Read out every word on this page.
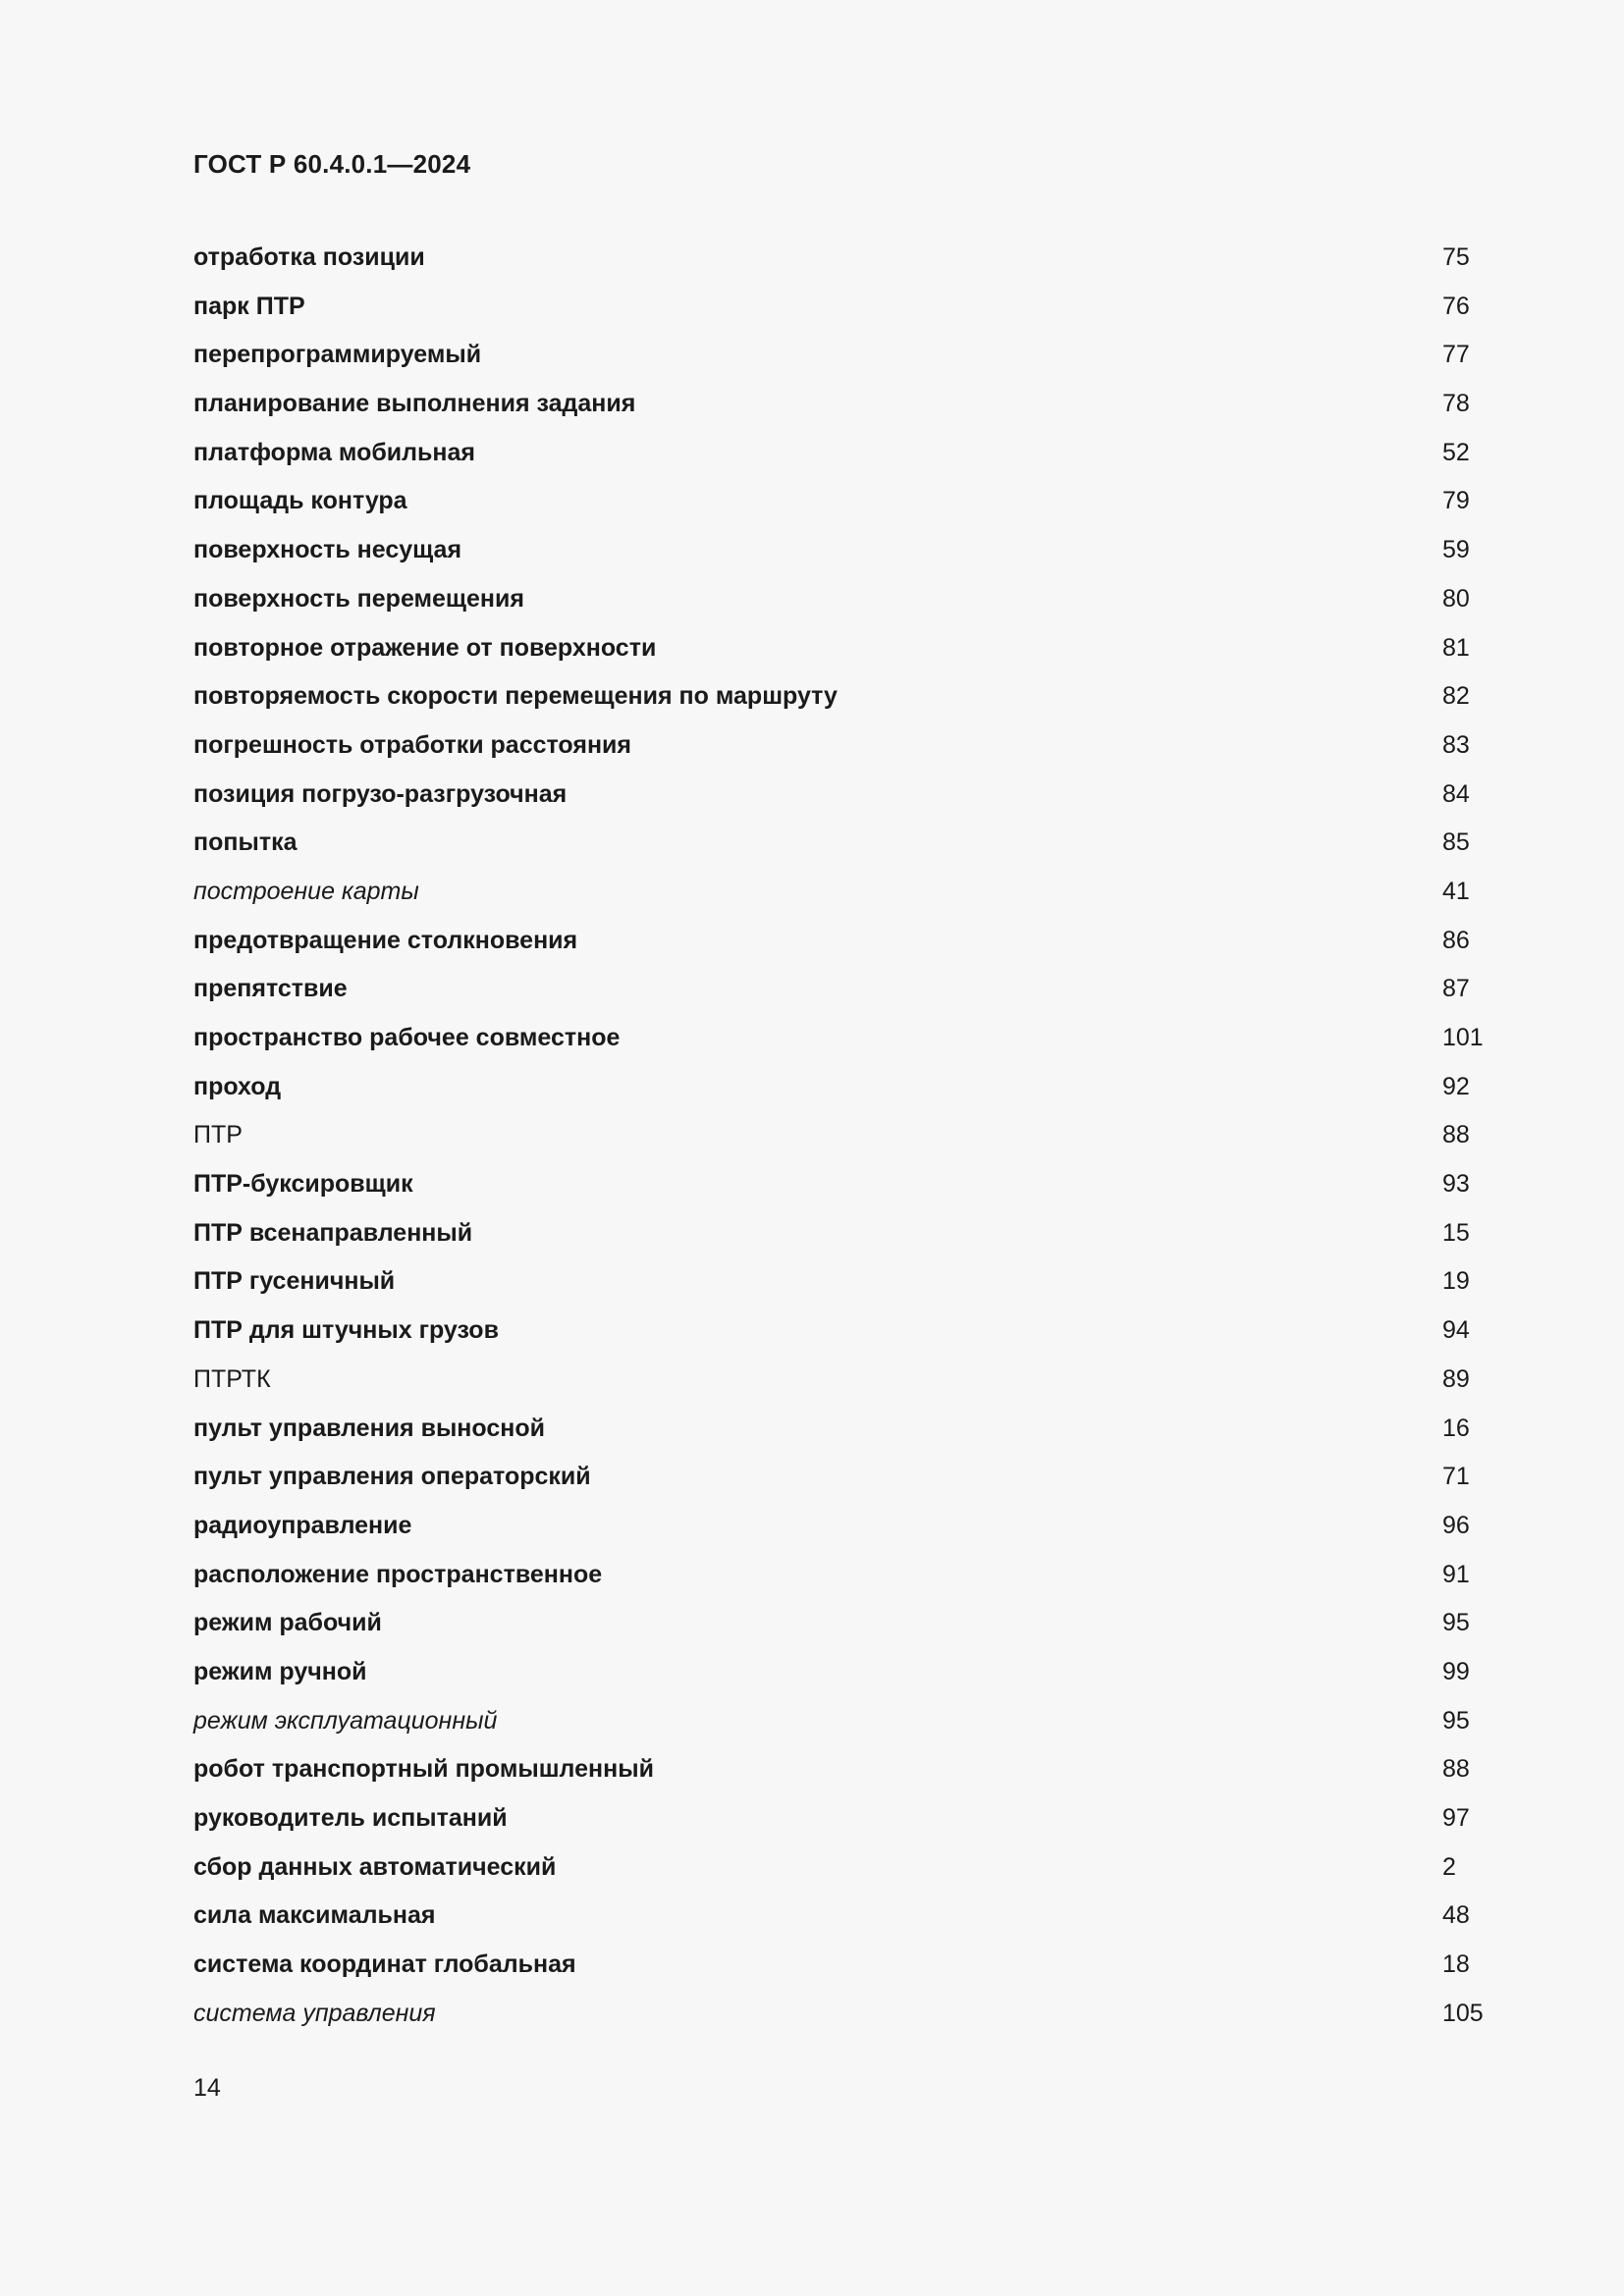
ГОСТ Р 60.4.0.1—2024
отработка позиции	75
парк ПТР	76
перепрограммируемый	77
планирование выполнения задания	78
платформа мобильная	52
площадь контура	79
поверхность несущая	59
поверхность перемещения	80
повторное отражение от поверхности	81
повторяемость скорости перемещения по маршруту	82
погрешность отработки расстояния	83
позиция погрузо-разгрузочная	84
попытка	85
построение карты	41
предотвращение столкновения	86
препятствие	87
пространство рабочее совместное	101
проход	92
ПТР	88
ПТР-буксировщик	93
ПТР всенаправленный	15
ПТР гусеничный	19
ПТР для штучных грузов	94
ПТРТК	89
пульт управления выносной	16
пульт управления операторский	71
радиоуправление	96
расположение пространственное	91
режим рабочий	95
режим ручной	99
режим эксплуатационный	95
робот транспортный промышленный	88
руководитель испытаний	97
сбор данных автоматический	2
сила максимальная	48
система координат глобальная	18
система управления	105
14
